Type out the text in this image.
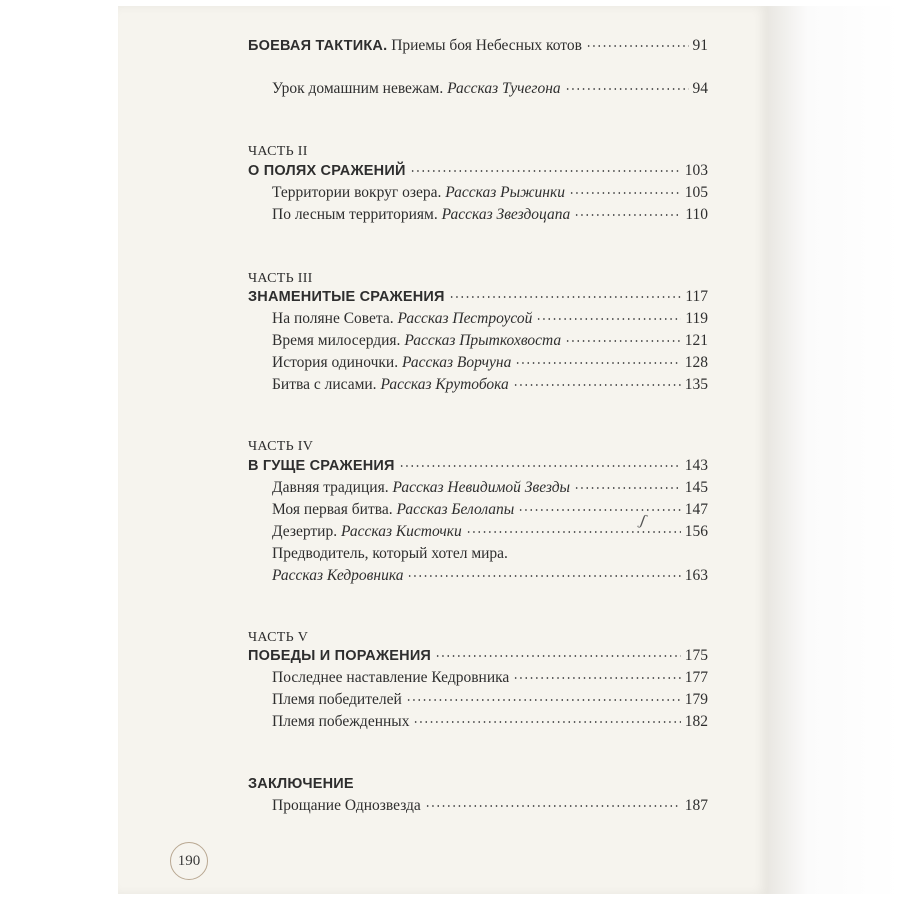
БОЕВАЯ ТАКТИКА. Приемы боя Небесных котов	91
Урок домашним невежам. Рассказ Тучегона	94
ЧАСТЬ II
О ПОЛЯХ СРАЖЕНИЙ	103
Территории вокруг озера. Рассказ Рыжинки	105
По лесным территориям. Рассказ Звездоцапа	110
ЧАСТЬ III
ЗНАМЕНИТЫЕ СРАЖЕНИЯ	117
На поляне Совета. Рассказ Пестроусой	119
Время милосердия. Рассказ Прыткохвоста	121
История одиночки. Рассказ Ворчуна	128
Битва с лисами. Рассказ Крутобока	135
ЧАСТЬ IV
В ГУЩЕ СРАЖЕНИЯ	143
Давняя традиция. Рассказ Невидимой Звезды	145
Моя первая битва. Рассказ Белолапы	147
Дезертир. Рассказ Кисточки	156
Предводитель, который хотел мира.
Рассказ Кедровника	163
ЧАСТЬ V
ПОБЕДЫ И ПОРАЖЕНИЯ	175
Последнее наставление Кедровника	177
Племя победителей	179
Племя побежденных	182
ЗАКЛЮЧЕНИЕ
Прощание Однозвезда	187
ʃ
190
